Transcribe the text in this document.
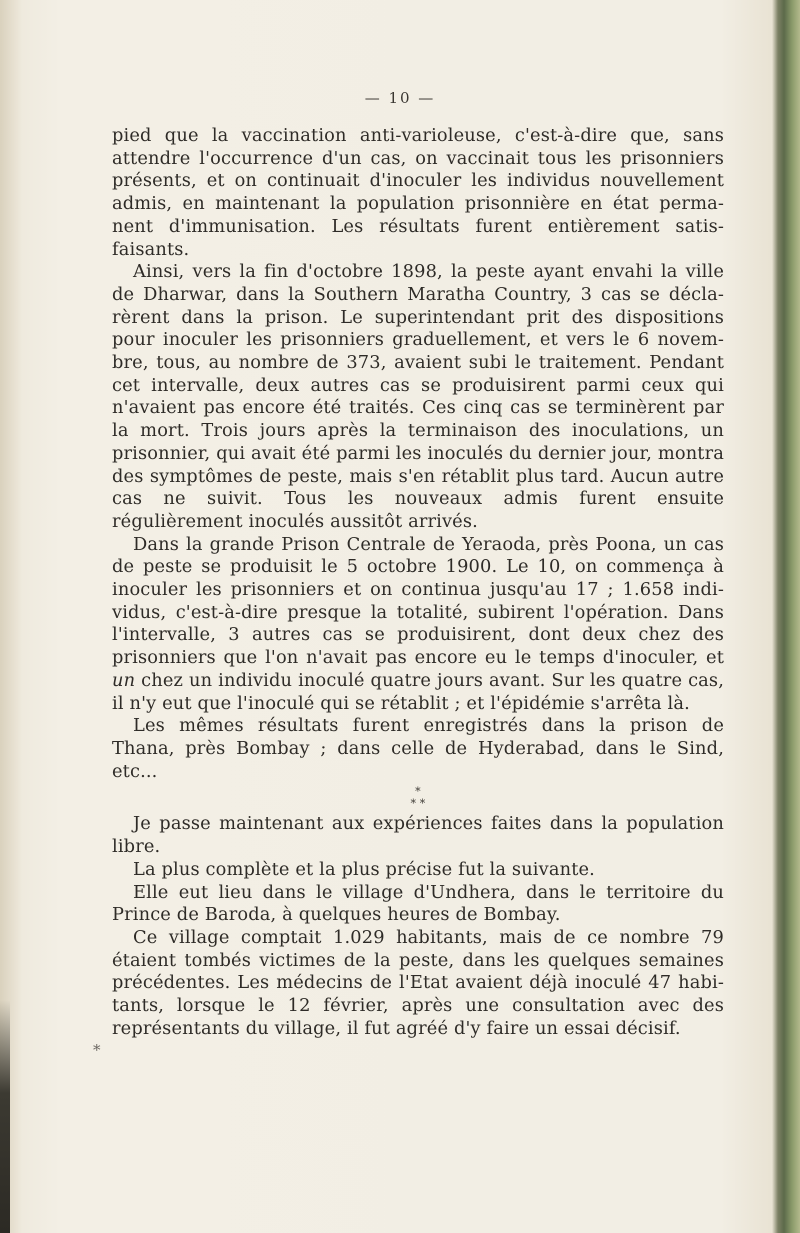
— 10 —

pied que la vaccination anti-varioleuse, c'est-à-dire que, sans attendre l'occurrence d'un cas, on vaccinait tous les prisonniers présents, et on continuait d'inoculer les individus nouvellement admis, en maintenant la population prisonnière en état perma- nent d'immunisation. Les résultats furent entièrement satis- faisants.

Ainsi, vers la fin d'octobre 1898, la peste ayant envahi la ville de Dharwar, dans la Southern Maratha Country, 3 cas se décla- rèrent dans la prison. Le superintendant prit des dispositions pour inoculer les prisonniers graduellement, et vers le 6 novem- bre, tous, au nombre de 373, avaient subi le traitement. Pendant cet intervalle, deux autres cas se produisirent parmi ceux qui n'avaient pas encore été traités. Ces cinq cas se terminèrent par la mort. Trois jours après la terminaison des inoculations, un prisonnier, qui avait été parmi les inoculés du dernier jour, montra des symptômes de peste, mais s'en rétablit plus tard. Aucun autre cas ne suivit. Tous les nouveaux admis furent ensuite régulièrement inoculés aussitôt arrivés.

Dans la grande Prison Centrale de Yeraoda, près Poona, un cas de peste se produisit le 5 octobre 1900. Le 10, on commença à inoculer les prisonniers et on continua jusqu'au 17 ; 1.658 indi- vidus, c'est-à-dire presque la totalité, subirent l'opération. Dans l'intervalle, 3 autres cas se produisirent, dont deux chez des prisonniers que l'on n'avait pas encore eu le temps d'inoculer, et un chez un individu inoculé quatre jours avant. Sur les quatre cas, il n'y eut que l'inoculé qui se rétablit ; et l'épidémie s'arrêta là.

Les mêmes résultats furent enregistrés dans la prison de Thana, près Bombay ; dans celle de Hyderabad, dans le Sind, etc...

*
* *

Je passe maintenant aux expériences faites dans la population libre.

La plus complète et la plus précise fut la suivante.

Elle eut lieu dans le village d'Undhera, dans le territoire du Prince de Baroda, à quelques heures de Bombay.

Ce village comptait 1.029 habitants, mais de ce nombre 79 étaient tombés victimes de la peste, dans les quelques semaines précédentes. Les médecins de l'Etat avaient déjà inoculé 47 habi- tants, lorsque le 12 février, après une consultation avec des représentants du village, il fut agréé d'y faire un essai décisif.

*
